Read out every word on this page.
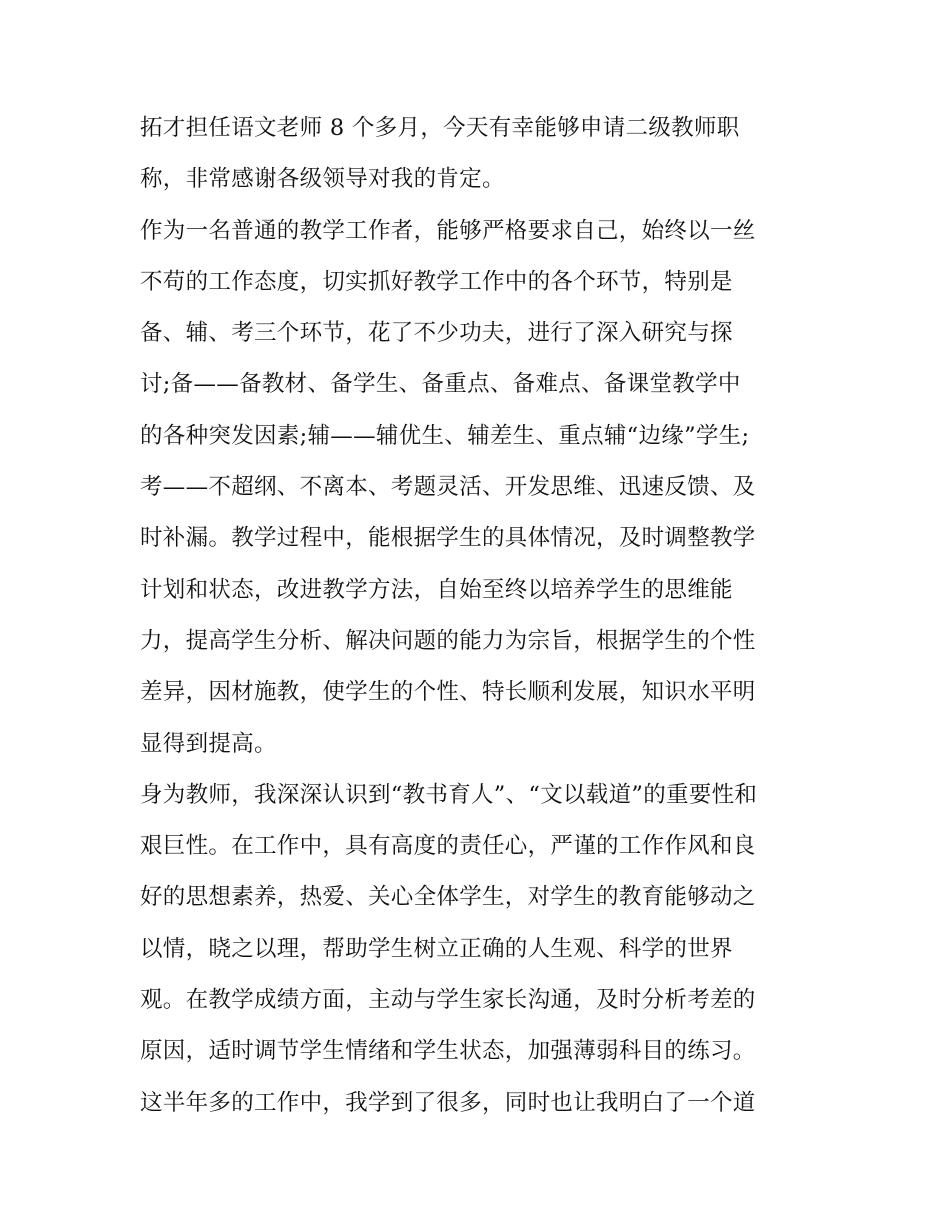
拓才担任语文老师 8 个多月，今天有幸能够申请二级教师职
称，非常感谢各级领导对我的肯定。
作为一名普通的教学工作者，能够严格要求自己，始终以一丝
不苟的工作态度，切实抓好教学工作中的各个环节，特别是
备、辅、考三个环节，花了不少功夫，进行了深入研究与探
讨;备——备教材、备学生、备重点、备难点、备课堂教学中
的各种突发因素;辅——辅优生、辅差生、重点辅“边缘”学生;
考——不超纲、不离本、考题灵活、开发思维、迅速反馈、及
时补漏。教学过程中，能根据学生的具体情况，及时调整教学
计划和状态，改进教学方法，自始至终以培养学生的思维能
力，提高学生分析、解决问题的能力为宗旨，根据学生的个性
差异，因材施教，使学生的个性、特长顺利发展，知识水平明
显得到提高。
身为教师，我深深认识到“教书育人”、“文以载道”的重要性和
艰巨性。在工作中，具有高度的责任心，严谨的工作作风和良
好的思想素养，热爱、关心全体学生，对学生的教育能够动之
以情，晓之以理，帮助学生树立正确的人生观、科学的世界
观。在教学成绩方面，主动与学生家长沟通，及时分析考差的
原因，适时调节学生情绪和学生状态，加强薄弱科目的练习。
这半年多的工作中，我学到了很多，同时也让我明白了一个道
